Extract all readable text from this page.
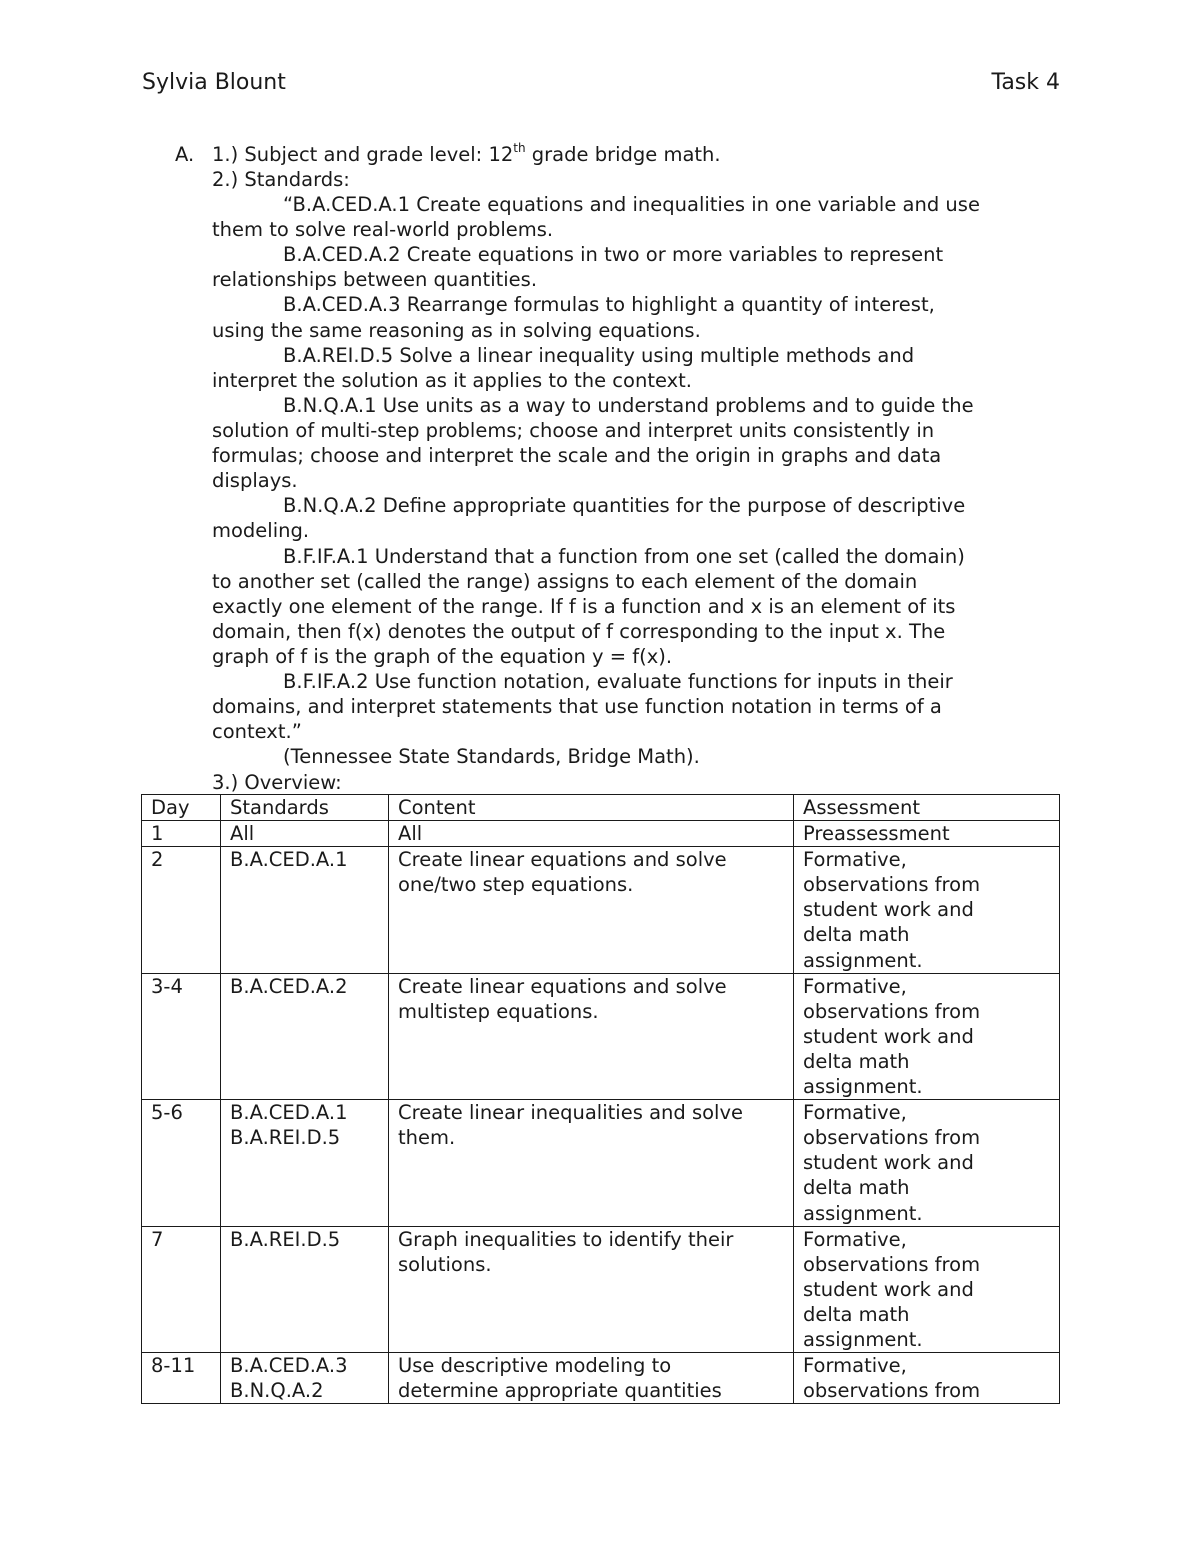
Sylvia Blount	Task 4
A. 1.) Subject and grade level: 12th grade bridge math.
2.) Standards:
“B.A.CED.A.1 Create equations and inequalities in one variable and use
them to solve real-world problems.
B.A.CED.A.2 Create equations in two or more variables to represent
relationships between quantities.
B.A.CED.A.3 Rearrange formulas to highlight a quantity of interest,
using the same reasoning as in solving equations.
B.A.REI.D.5 Solve a linear inequality using multiple methods and
interpret the solution as it applies to the context.
B.N.Q.A.1 Use units as a way to understand problems and to guide the
solution of multi-step problems; choose and interpret units consistently in
formulas; choose and interpret the scale and the origin in graphs and data
displays.
B.N.Q.A.2 Define appropriate quantities for the purpose of descriptive
modeling.
B.F.IF.A.1 Understand that a function from one set (called the domain)
to another set (called the range) assigns to each element of the domain
exactly one element of the range. If f is a function and x is an element of its
domain, then f(x) denotes the output of f corresponding to the input x. The
graph of f is the graph of the equation y = f(x).
B.F.IF.A.2 Use function notation, evaluate functions for inputs in their
domains, and interpret statements that use function notation in terms of a
context.”
(Tennessee State Standards, Bridge Math).
3.) Overview:
Day	Standards	Content	Assessment
1	All	All	Preassessment

2	B.A.CED.A.1	Create linear equations and solve
one/two step equations.	Formative,
observations from
student work and
delta math
assignment.

3-4	B.A.CED.A.2	Create linear equations and solve
multistep equations.	Formative,
observations from
student work and
delta math
assignment.

5-6	B.A.CED.A.1
B.A.REI.D.5	Create linear inequalities and solve
them.	Formative,
observations from
student work and
delta math
assignment.

7	B.A.REI.D.5	Graph inequalities to identify their
solutions.	Formative,
observations from
student work and
delta math
assignment.

8-11	B.A.CED.A.3
B.N.Q.A.2	Use descriptive modeling to
determine appropriate quantities	Formative,
observations from
